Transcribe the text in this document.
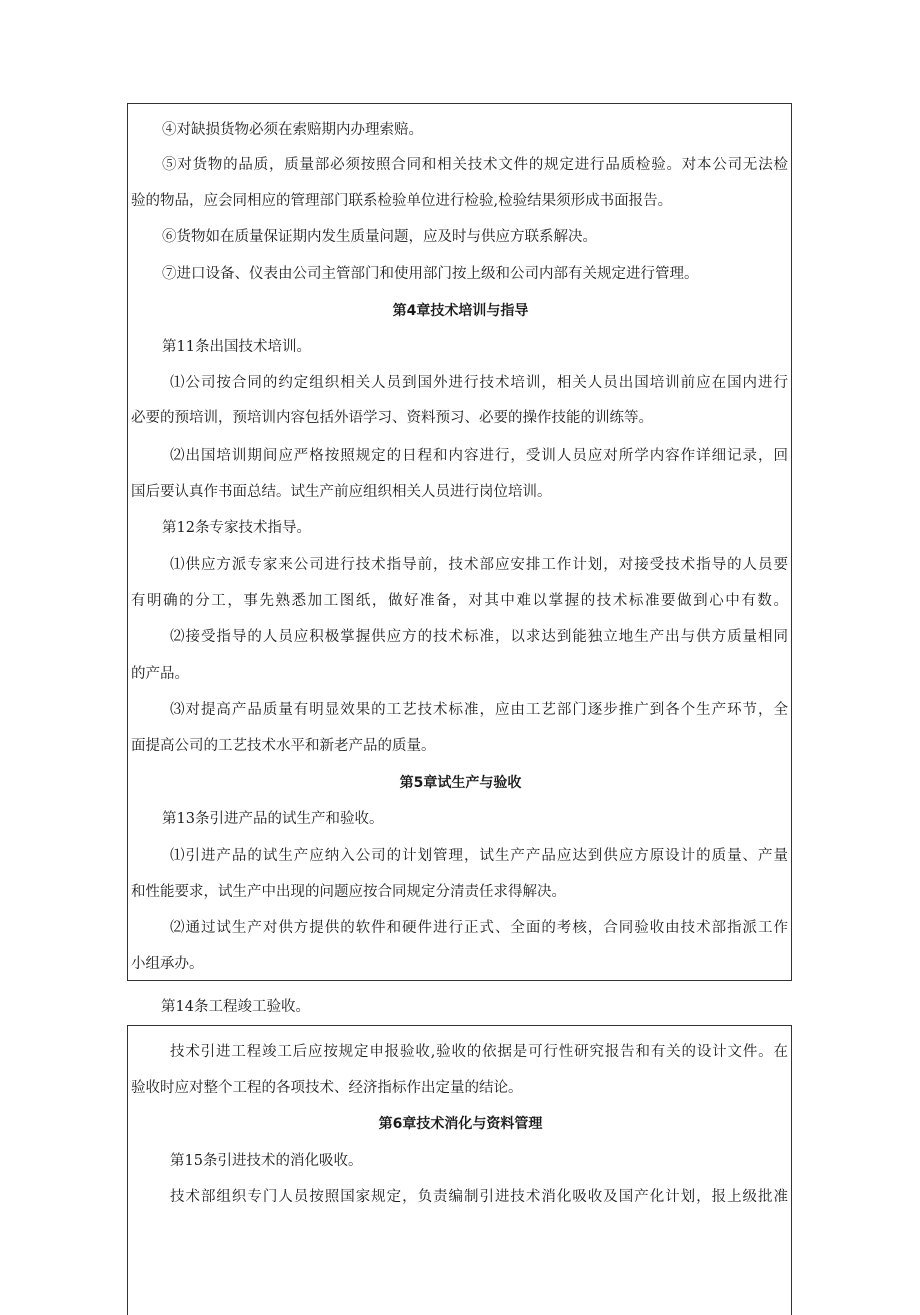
④对缺损货物必须在索赔期内办理索赔。
⑤对货物的品质，质量部必须按照合同和相关技术文件的规定进行品质检验。对本公司无法检
验的物品，应会同相应的管理部门联系检验单位进行检验,检验结果须形成书面报告。
⑥货物如在质量保证期内发生质量问题，应及时与供应方联系解决。
⑦进口设备、仪表由公司主管部门和使用部门按上级和公司内部有关规定进行管理。
第4章技术培训与指导
第11条出国技术培训。
⑴公司按合同的约定组织相关人员到国外进行技术培训，相关人员出国培训前应在国内进行
必要的预培训，预培训内容包括外语学习、资料预习、必要的操作技能的训练等。
⑵出国培训期间应严格按照规定的日程和内容进行，受训人员应对所学内容作详细记录，回
国后要认真作书面总结。试生产前应组织相关人员进行岗位培训。
第12条专家技术指导。
⑴供应方派专家来公司进行技术指导前，技术部应安排工作计划，对接受技术指导的人员要
有明确的分工，事先熟悉加工图纸，做好准备，对其中难以掌握的技术标准要做到心中有数。
⑵接受指导的人员应积极掌握供应方的技术标准，以求达到能独立地生产出与供方质量相同
的产品。
⑶对提高产品质量有明显效果的工艺技术标准，应由工艺部门逐步推广到各个生产环节，全
面提高公司的工艺技术水平和新老产品的质量。
第5章试生产与验收
第13条引进产品的试生产和验收。
⑴引进产品的试生产应纳入公司的计划管理，试生产产品应达到供应方原设计的质量、产量
和性能要求，试生产中出现的问题应按合同规定分清责任求得解决。
⑵通过试生产对供方提供的软件和硬件进行正式、全面的考核，合同验收由技术部指派工作
小组承办。
第14条工程竣工验收。
技术引进工程竣工后应按规定申报验收,验收的依据是可行性研究报告和有关的设计文件。在
验收时应对整个工程的各项技术、经济指标作出定量的结论。
第6章技术消化与资料管理
第15条引进技术的消化吸收。
技术部组织专门人员按照国家规定，负责编制引进技术消化吸收及国产化计划，报上级批准
